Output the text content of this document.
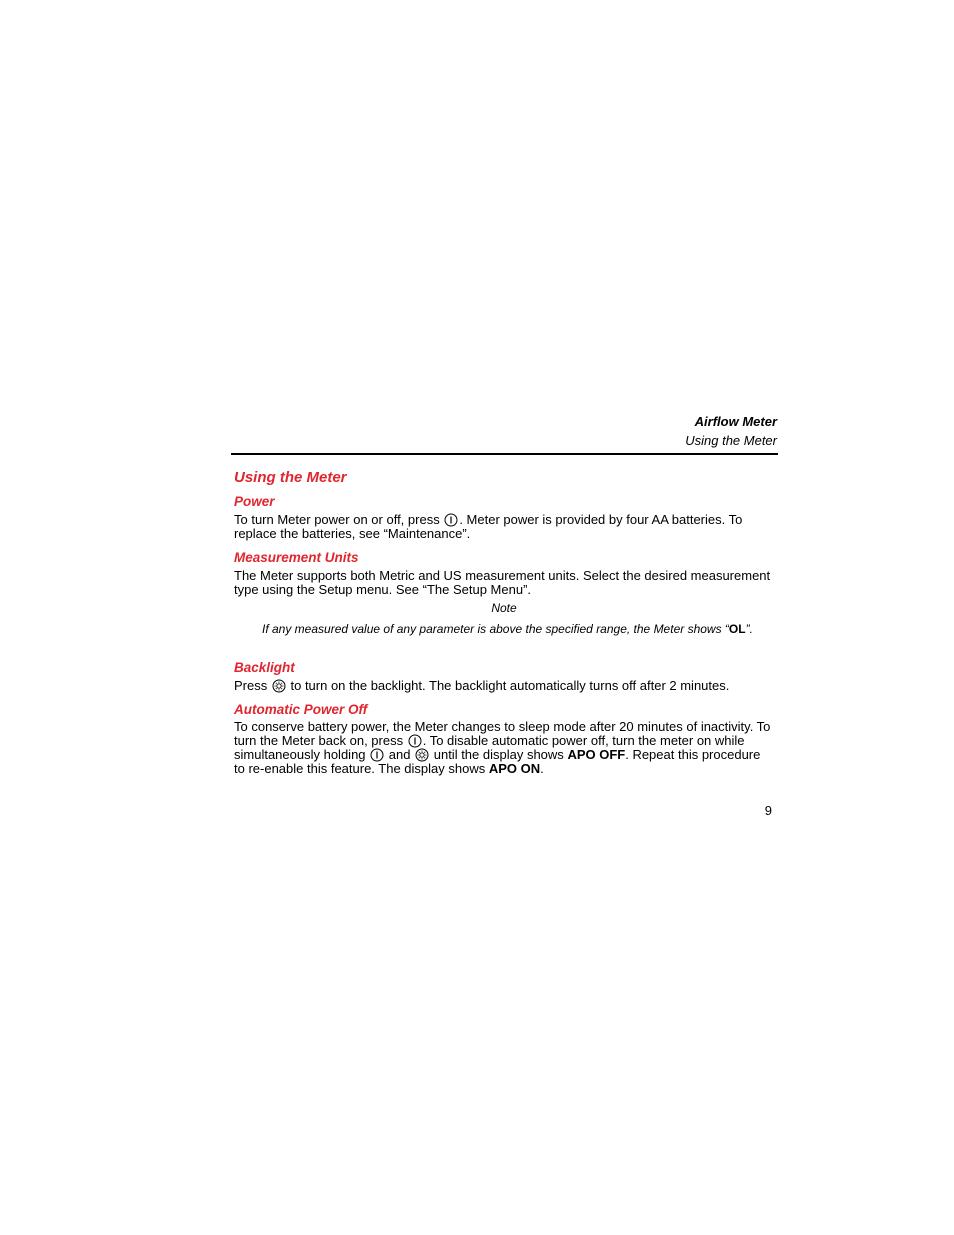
Airflow Meter
Using the Meter
Using the Meter
Power
To turn Meter power on or off, press . Meter power is provided by four AA batteries. To replace the batteries, see “Maintenance”.
Measurement Units
The Meter supports both Metric and US measurement units. Select the desired measurement type using the Setup menu. See “The Setup Menu”.
Note
If any measured value of any parameter is above the specified range, the Meter shows “OL”.
Backlight
Press to turn on the backlight. The backlight automatically turns off after 2 minutes.
Automatic Power Off
To conserve battery power, the Meter changes to sleep mode after 20 minutes of inactivity. To turn the Meter back on, press . To disable automatic power off, turn the meter on while simultaneously holding and until the display shows APO OFF. Repeat this procedure to re-enable this feature. The display shows APO ON.
9
